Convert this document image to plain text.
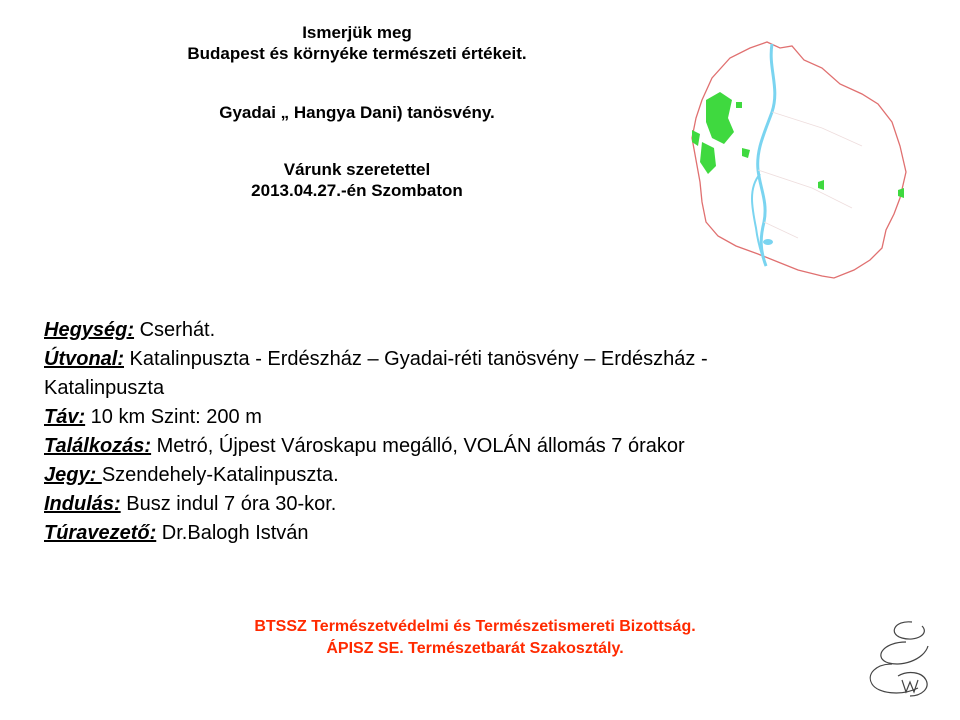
Ismerjük meg

Budapest és környéke természeti értékeit.

Gyadai „ Hangya Dani) tanösvény.

Várunk szeretettel

2013.04.27.-én Szombaton

Hegység: Cserhát.

Útvonal: Katalinpuszta - Erdészház – Gyadai-réti tanösvény – Erdészház -

Katalinpuszta

Táv: 10 km Szint: 200 m

Találkozás: Metró, Újpest Városkapu megálló, VOLÁN állomás 7 órakor

Jegy: Szendehely-Katalinpuszta.

Indulás: Busz indul 7 óra 30-kor.

Túravezető: Dr.Balogh István

BTSSZ Természetvédelmi és Természetismereti Bizottság.
ÁPISZ SE. Természetbarát Szakosztály.
